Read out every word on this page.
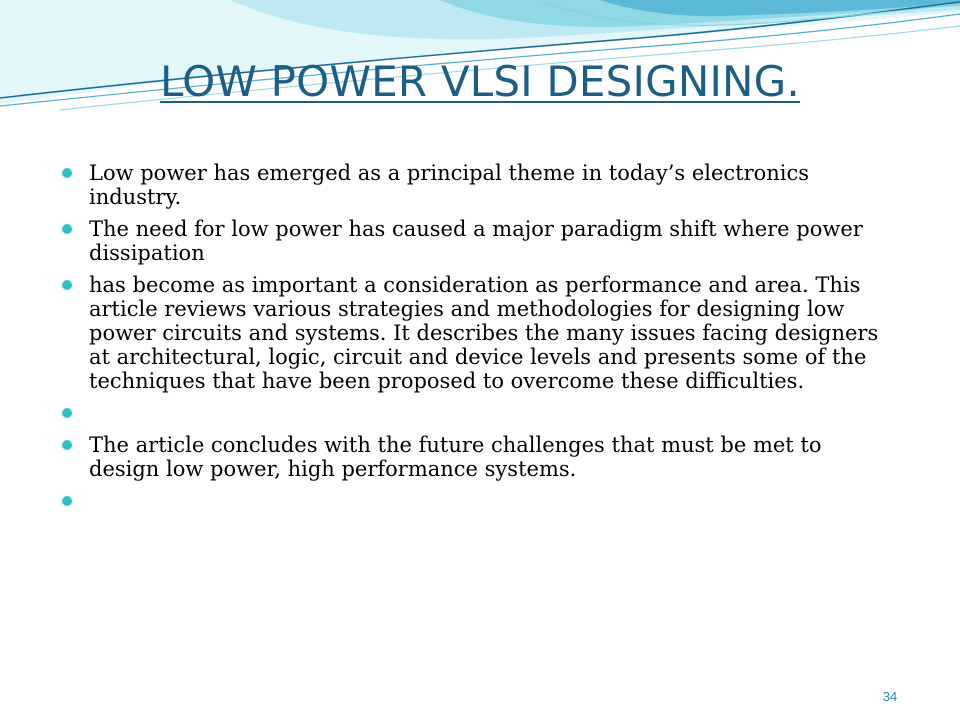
LOW POWER VLSI DESIGNING.
Low power has emerged as a principal theme in today’s electronics industry.
The need for low power has caused a major paradigm shift where power dissipation
has become as important a consideration as performance and area. This article reviews various strategies and methodologies for designing low power circuits and systems. It describes the many issues facing designers at architectural, logic, circuit and device levels and presents some of the techniques that have been proposed to overcome these difficulties.
The article concludes with the future challenges that must be met to design low power, high performance systems.
34
